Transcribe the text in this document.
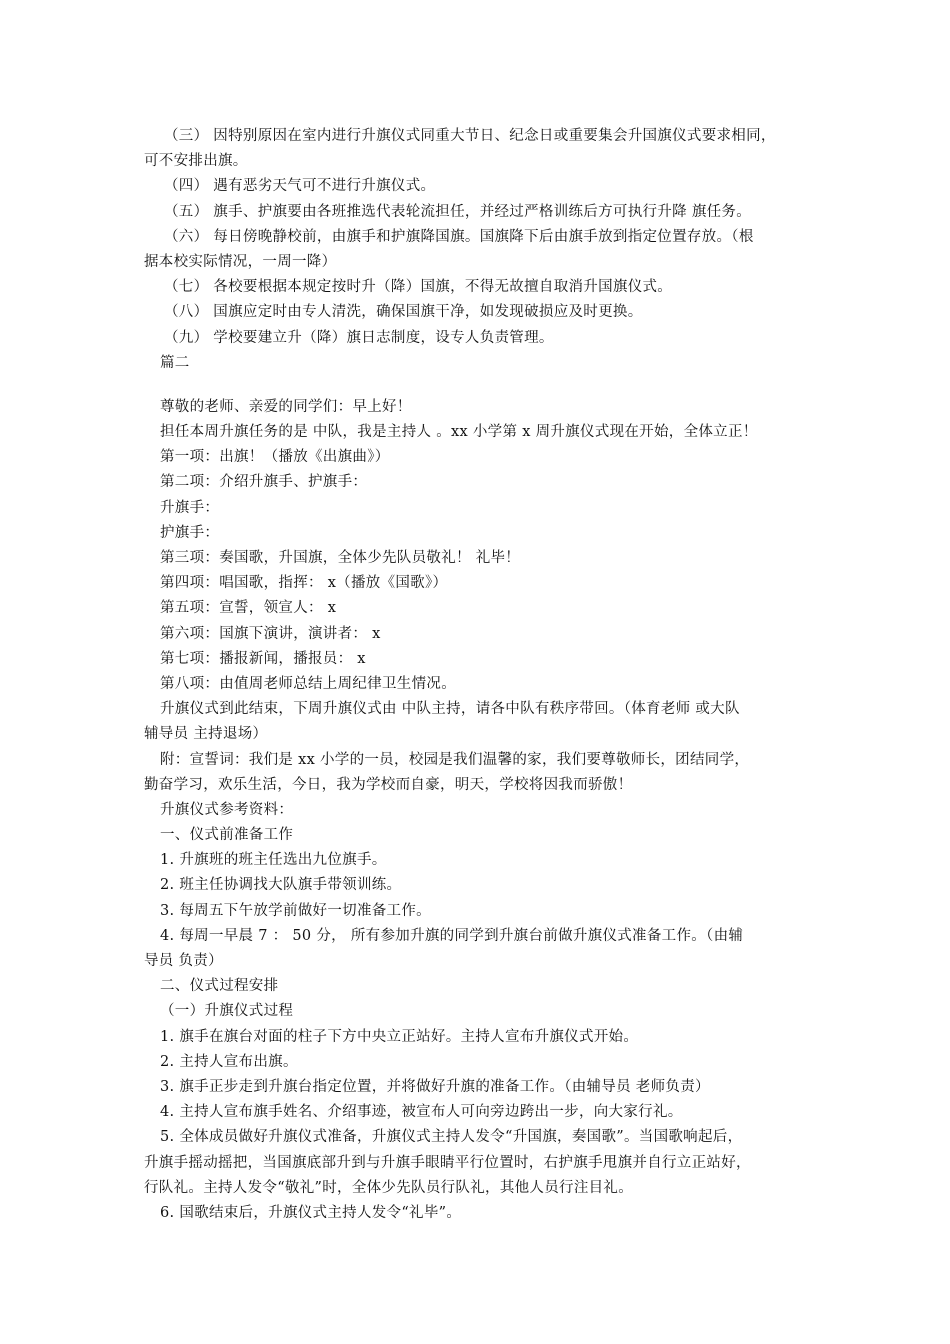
（三） 因特别原因在室内进行升旗仪式同重大节日、纪念日或重要集会升国旗仪式要求相同，
可不安排出旗。
（四） 遇有恶劣天气可不进行升旗仪式。
（五） 旗手、护旗要由各班推选代表轮流担任，并经过严格训练后方可执行升降 旗任务。
（六） 每日傍晚静校前，由旗手和护旗降国旗。国旗降下后由旗手放到指定位置存放。（根
据本校实际情况，一周一降）
（七） 各校要根据本规定按时升（降）国旗，不得无故擅自取消升国旗仪式。
（八） 国旗应定时由专人清洗，确保国旗干净，如发现破损应及时更换。
（九） 学校要建立升（降）旗日志制度，设专人负责管理。
篇二
尊敬的老师、亲爱的同学们：早上好！
担任本周升旗任务的是 中队，我是主持人 。xx 小学第 x 周升旗仪式现在开始，全体立正！
第一项：出旗！（播放《出旗曲》）
第二项：介绍升旗手、护旗手：
升旗手：
护旗手：
第三项：奏国歌，升国旗，全体少先队员敬礼！ 礼毕！
第四项：唱国歌，指挥： x（播放《国歌》）
第五项：宣誓，领宣人： x
第六项：国旗下演讲，演讲者： x
第七项：播报新闻，播报员： x
第八项：由值周老师总结上周纪律卫生情况。
升旗仪式到此结束，下周升旗仪式由 中队主持，请各中队有秩序带回。（体育老师 或大队
辅导员 主持退场）
附：宣誓词：我们是 xx 小学的一员，校园是我们温馨的家，我们要尊敬师长，团结同学，
勤奋学习，欢乐生活，今日，我为学校而自豪，明天，学校将因我而骄傲！
升旗仪式参考资料：
一、仪式前准备工作
1. 升旗班的班主任选出九位旗手。
2. 班主任协调找大队旗手带领训练。
3. 每周五下午放学前做好一切准备工作。
4. 每周一早晨 7 ： 50 分， 所有参加升旗的同学到升旗台前做升旗仪式准备工作。（由辅
导员 负责）
二、仪式过程安排
（一）升旗仪式过程
1. 旗手在旗台对面的柱子下方中央立正站好。主持人宣布升旗仪式开始。
2. 主持人宣布出旗。
3. 旗手正步走到升旗台指定位置，并将做好升旗的准备工作。（由辅导员 老师负责）
4. 主持人宣布旗手姓名、介绍事迹，被宣布人可向旁边跨出一步，向大家行礼。
5. 全体成员做好升旗仪式准备，升旗仪式主持人发令“升国旗，奏国歌”。当国歌响起后，
升旗手摇动摇把，当国旗底部升到与升旗手眼睛平行位置时，右护旗手甩旗并自行立正站好，
行队礼。主持人发令“敬礼”时，全体少先队员行队礼，其他人员行注目礼。
6. 国歌结束后，升旗仪式主持人发令“礼毕”。
